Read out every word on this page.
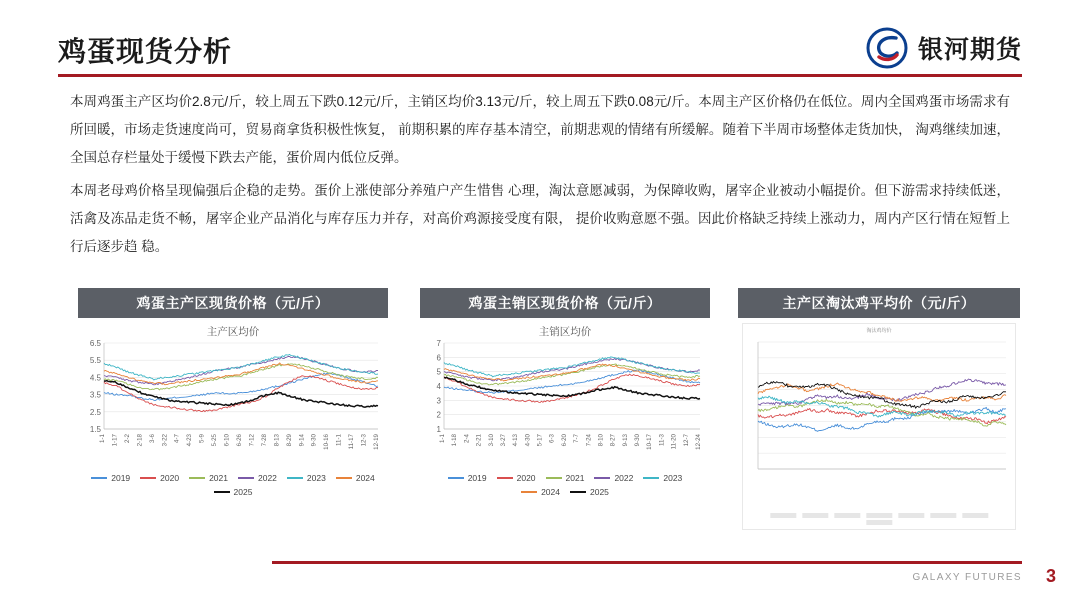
鸡蛋现货分析	银河期货

本周鸡蛋主产区均价2.8元/斤，较上周五下跌0.12元/斤，主销区均价3.13元/斤，较上周五下跌0.08元/斤。本周主产区价格仍在低位。周内全国鸡蛋市场需求有所回暖，市场走货速度尚可，贸易商拿货积极性恢复， 前期积累的库存基本清空，前期悲观的情绪有所缓解。随着下半周市场整体走货加快， 淘鸡继续加速，全国总存栏量处于缓慢下跌去产能，蛋价周内低位反弹。

本周老母鸡价格呈现偏强后企稳的走势。蛋价上涨使部分养殖户产生惜售 心理，淘汰意愿减弱，为保障收购，屠宰企业被动小幅提价。但下游需求持续低迷， 活禽及冻品走货不畅，屠宰企业产品消化与库存压力并存，对高价鸡源接受度有限， 提价收购意愿不强。因此价格缺乏持续上涨动力，周内产区行情在短暂上行后逐步趋 稳。

鸡蛋主产区现货价格（元/斤）
主产区均价
1.5
2.5
3.5
4.5
5.5
6.5
1-1 1-17 2-2 2-18 3-6 3-22 4-7 4-23 5-9 5-25 6-10 6-26 7-12 7-28 8-13 8-29 9-14 9-30 10-16 11-1 11-17 12-3 12-19
2019	2020	2021	2022	2023	2024
2025
鸡蛋主销区现货价格（元/斤）
主销区均价
1
2
3
4
5
6
7
1-1 1-18 2-4 2-21 3-10 3-27 4-13 4-30 5-17 6-3 6-20 7-7 7-24 8-10 8-27 9-13 9-30 10-17 11-3 11-20 12-7 12-24
2019	2020	2021	2022	2023
2024	2025
主产区淘汰鸡平均价（元/斤）
淘汰鸡均价
GALAXY FUTURES 3
